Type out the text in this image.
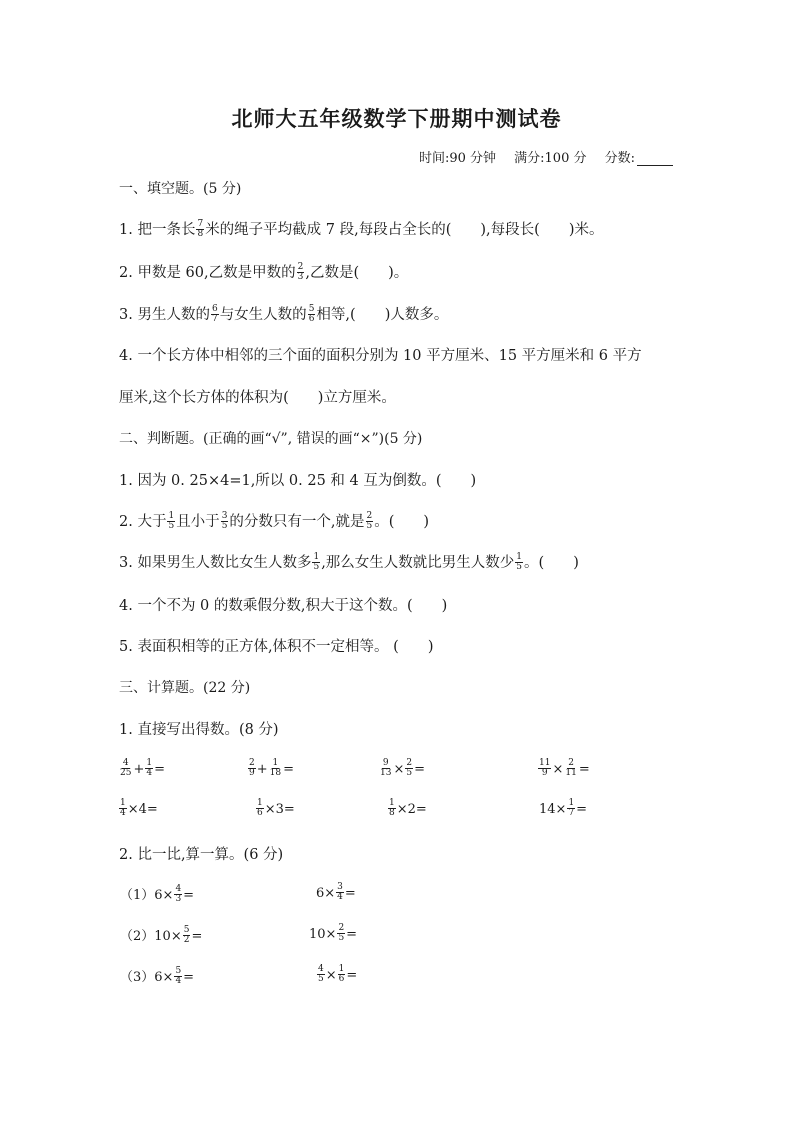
北师大五年级数学下册期中测试卷
时间:90 分钟 满分:100 分 分数:
一、填空题。(5 分)
1. 把一条长 $\frac{7}{8}$ 米的绳子平均截成 7 段,每段占全长的(　　),每段长(　　)米。
2. 甲数是 60,乙数是甲数的 $\frac{2}{3}$ ,乙数是(　　)。
3. 男生人数的 $\frac{6}{7}$ 与女生人数的 $\frac{5}{6}$ 相等,(　　)人数多。
4. 一个长方体中相邻的三个面的面积分别为 10 平方厘米、15 平方厘米和 6 平方
厘米,这个长方体的体积为(　　)立方厘米。
二、判断题。(正确的画“√”, 错误的画“×”)(5 分)
1. 因为 0. 25×4=1,所以 0. 25 和 4 互为倒数。(　　)
2. 大于 $\frac{1}{5}$ 且小于 $\frac{3}{5}$ 的分数只有一个,就是 $\frac{2}{5}$ 。(　　)
3. 如果男生人数比女生人数多 $\frac{1}{5}$ ,那么女生人数就比男生人数少 $\frac{1}{5}$ 。(　　)
4. 一个不为 0 的数乘假分数,积大于这个数。(　　)
5. 表面积相等的正方体,体积不一定相等。 (　　)
三、计算题。(22 分)
1. 直接写出得数。(8 分)
$\frac{4}{25} + \frac{1}{4}$ =	$\frac{2}{9} + \frac{1}{18}$ =	$\frac{9}{13} \times \frac{2}{5}$ =	$\frac{11}{9} \times \frac{2}{11}$ =
$\frac{1}{4} \times 4=$	$\frac{1}{6} \times 3=$	$\frac{1}{8} \times 2=$	$14\times \frac{1}{7}$ =
2. 比一比,算一算。(6 分)
$(1)6\times \frac{4}{3}$ =	$6\times \frac{3}{4}$ =
$(2)10\times \frac{5}{2}$ =	$10\times \frac{2}{5}$ =
$(3)6\times \frac{5}{4}$ =	$\frac{4}{5} \times \frac{1}{6}$ =
